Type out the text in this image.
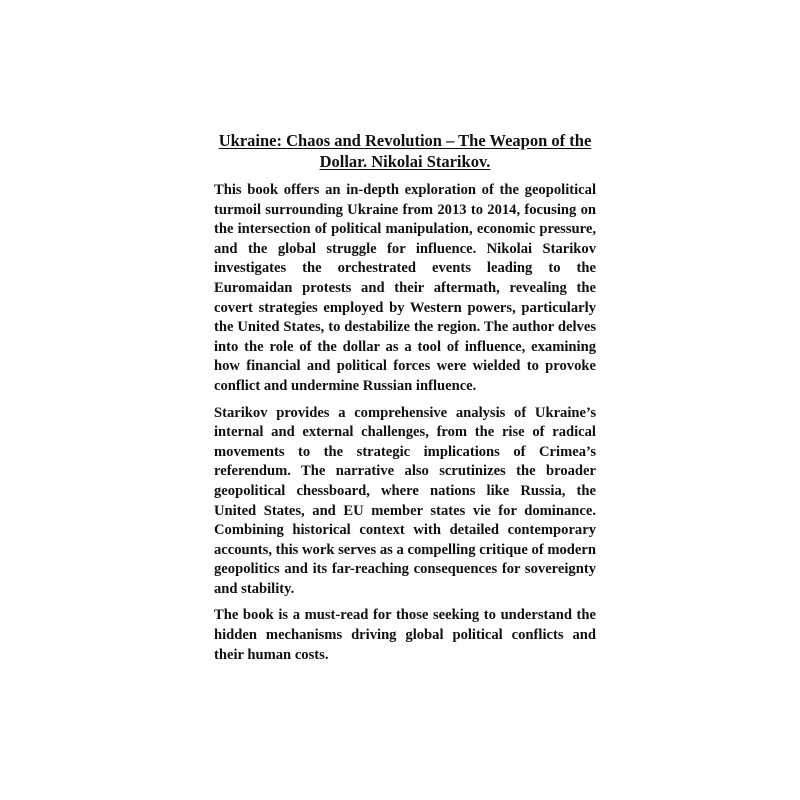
Ukraine: Chaos and Revolution – The Weapon of the Dollar. Nikolai Starikov.

This book offers an in-depth exploration of the geopolitical turmoil surrounding Ukraine from 2013 to 2014, focusing on the intersection of political manipulation, economic pressure, and the global struggle for influence. Nikolai Starikov investigates the orchestrated events leading to the Euromaidan protests and their aftermath, revealing the covert strategies employed by Western powers, particularly the United States, to destabilize the region. The author delves into the role of the dollar as a tool of influence, examining how financial and political forces were wielded to provoke conflict and undermine Russian influence.

Starikov provides a comprehensive analysis of Ukraine’s internal and external challenges, from the rise of radical movements to the strategic implications of Crimea’s referendum. The narrative also scrutinizes the broader geopolitical chessboard, where nations like Russia, the United States, and EU member states vie for dominance. Combining historical context with detailed contemporary accounts, this work serves as a compelling critique of modern geopolitics and its far-reaching consequences for sovereignty and stability.

The book is a must-read for those seeking to understand the hidden mechanisms driving global political conflicts and their human costs.
